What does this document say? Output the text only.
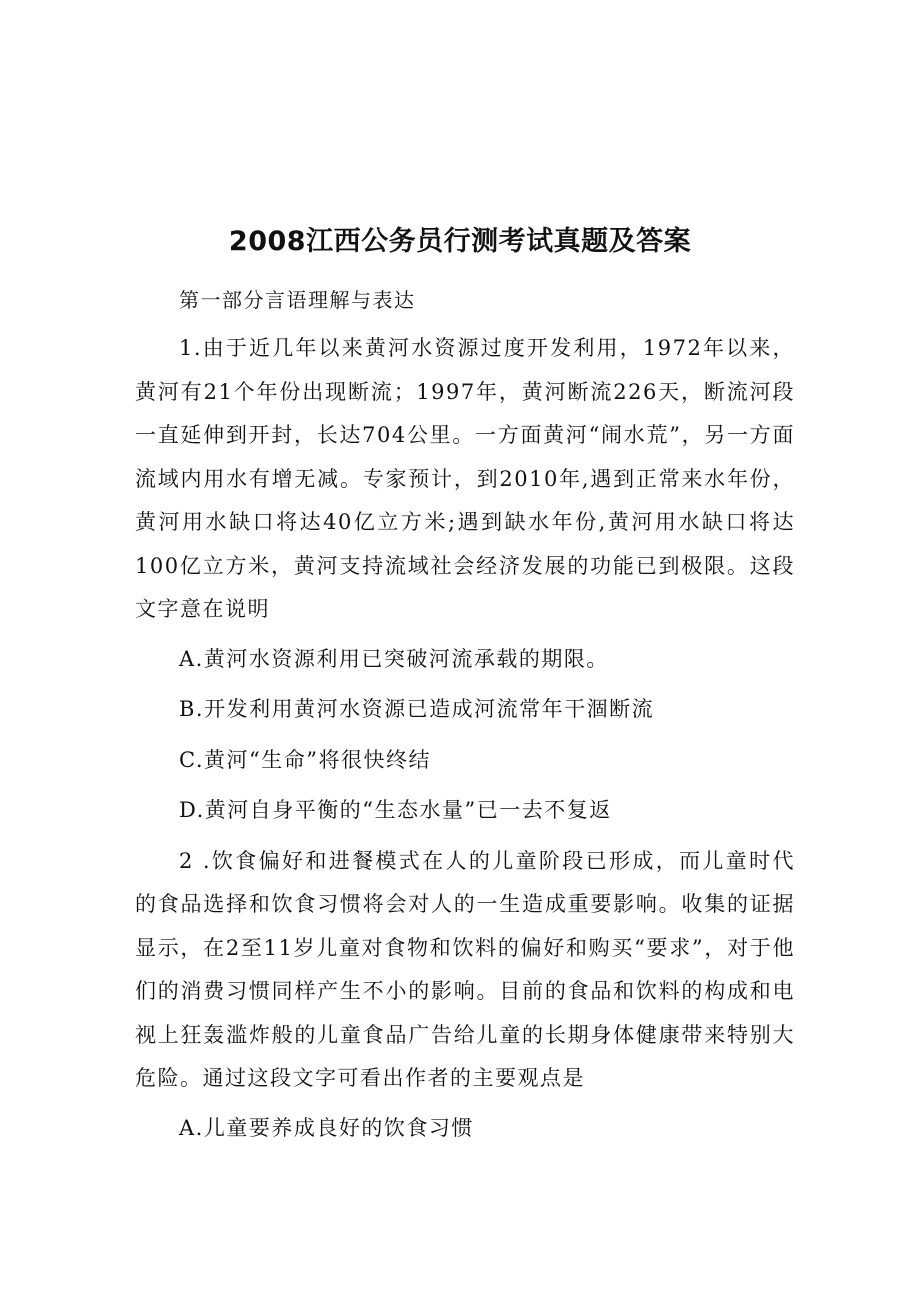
2008江西公务员行测考试真题及答案

第一部分言语理解与表达

1.由于近几年以来黄河水资源过度开发利用，1972年以来，黄河有21个年份出现断流；1997年，黄河断流226天，断流河段一直延伸到开封，长达704公里。一方面黄河“闹水荒”，另一方面流域内用水有增无减。专家预计，到2010年,遇到正常来水年份，黄河用水缺口将达40亿立方米;遇到缺水年份,黄河用水缺口将达100亿立方米，黄河支持流域社会经济发展的功能已到极限。这段文字意在说明

A.黄河水资源利用已突破河流承载的期限。

B.开发利用黄河水资源已造成河流常年干涸断流

C.黄河“生命”将很快终结

D.黄河自身平衡的“生态水量”已一去不复返

2 .饮食偏好和进餐模式在人的儿童阶段已形成，而儿童时代的食品选择和饮食习惯将会对人的一生造成重要影响。收集的证据显示，在2至11岁儿童对食物和饮料的偏好和购买“要求”，对于他们的消费习惯同样产生不小的影响。目前的食品和饮料的构成和电视上狂轰滥炸般的儿童食品广告给儿童的长期身体健康带来特别大危险。通过这段文字可看出作者的主要观点是

A.儿童要养成良好的饮食习惯
